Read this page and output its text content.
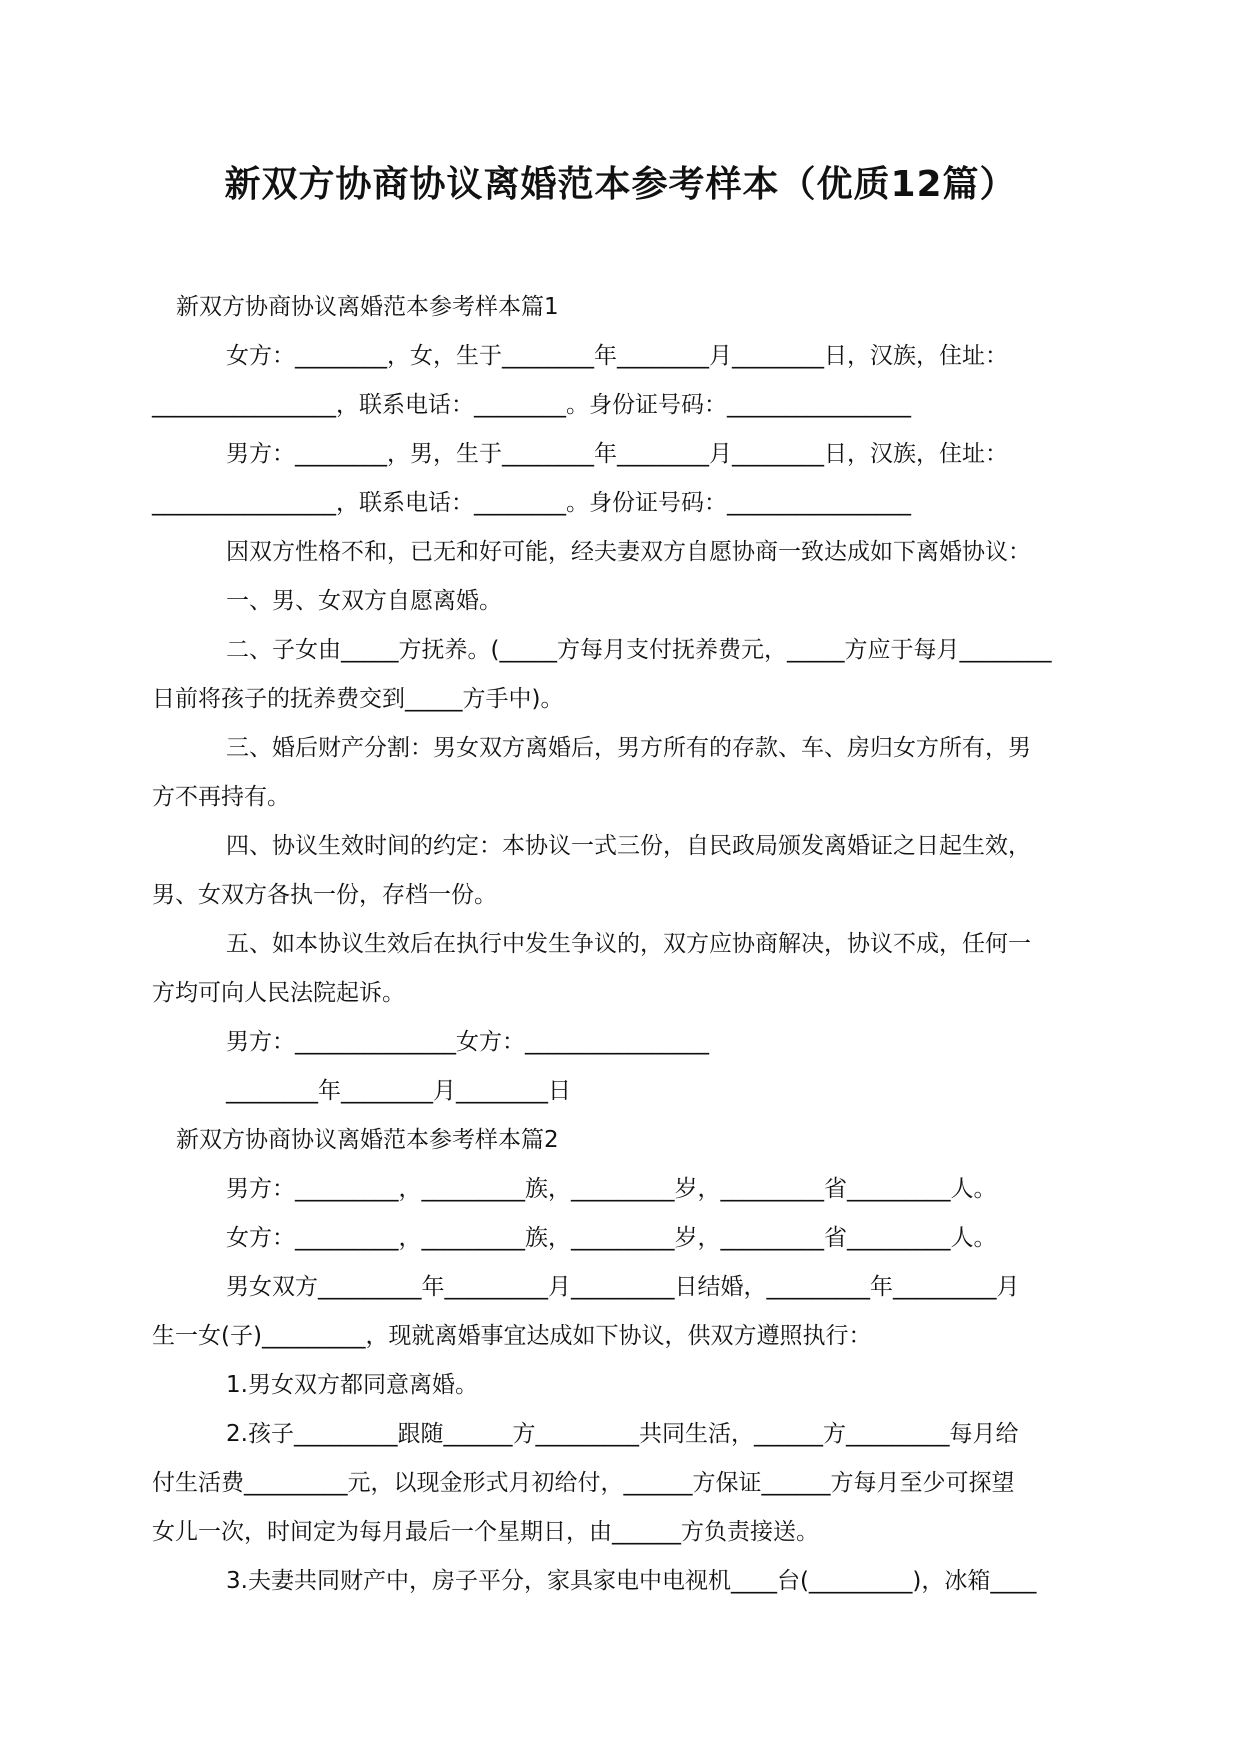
新双方协商协议离婚范本参考样本（优质12篇）

新双方协商协议离婚范本参考样本篇1

女方：________，女，生于________年________月________日，汉族，住址：

________________，联系电话：________。身份证号码：________________

男方：________，男，生于________年________月________日，汉族，住址：

________________，联系电话：________。身份证号码：________________

因双方性格不和，已无和好可能，经夫妻双方自愿协商一致达成如下离婚协议：

一、男、女双方自愿离婚。

二、子女由_____方抚养。(_____方每月支付抚养费元，_____方应于每月________

日前将孩子的抚养费交到_____方手中)。

三、婚后财产分割：男女双方离婚后，男方所有的存款、车、房归女方所有，男

方不再持有。

四、协议生效时间的约定：本协议一式三份，自民政局颁发离婚证之日起生效，

男、女双方各执一份，存档一份。

五、如本协议生效后在执行中发生争议的，双方应协商解决，协议不成，任何一

方均可向人民法院起诉。

男方：______________女方：________________

________年________月________日

新双方协商协议离婚范本参考样本篇2

男方：_________，_________族，_________岁，_________省_________人。

女方：_________，_________族，_________岁，_________省_________人。

男女双方_________年_________月_________日结婚，_________年_________月

生一女(子)_________，现就离婚事宜达成如下协议，供双方遵照执行：

1.男女双方都同意离婚。

2.孩子_________跟随______方_________共同生活，______方_________每月给

付生活费_________元，以现金形式月初给付，______方保证______方每月至少可探望

女儿一次，时间定为每月最后一个星期日，由______方负责接送。

3.夫妻共同财产中，房子平分，家具家电中电视机____台(_________)，冰箱____
